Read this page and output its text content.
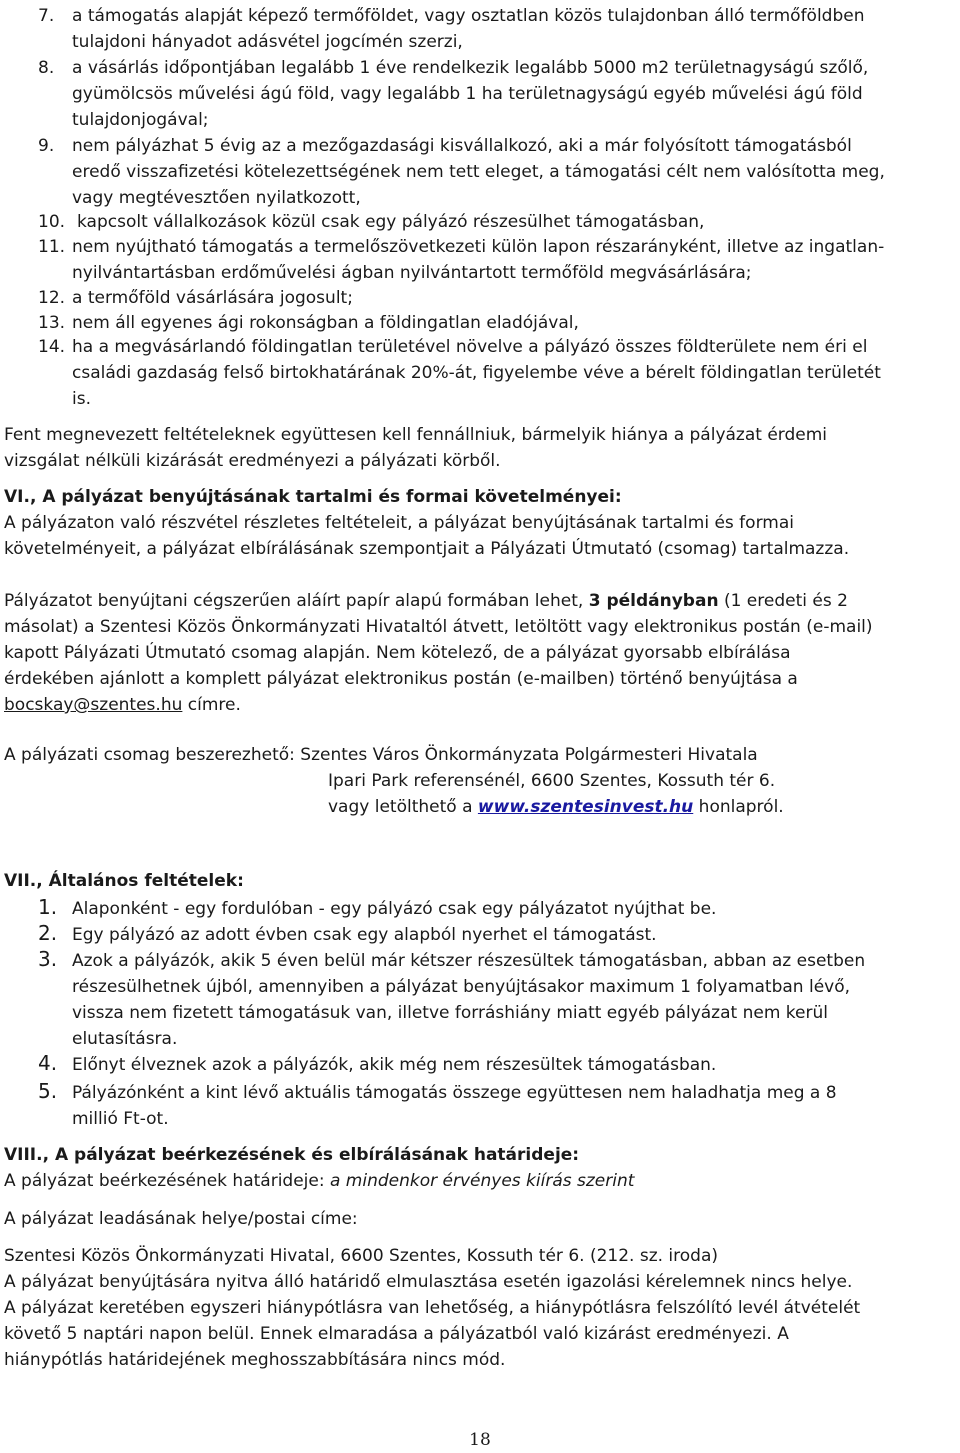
7. a támogatás alapját képező termőföldet, vagy osztatlan közös tulajdonban álló termőföldben
tulajdoni hányadot adásvétel jogcímén szerzi,
8. a vásárlás időpontjában legalább 1 éve rendelkezik legalább 5000 m2 területnagyságú szőlő,
gyümölcsös művelési ágú föld, vagy legalább 1 ha területnagyságú egyéb művelési ágú föld
tulajdonjogával;
9. nem pályázhat 5 évig az a mezőgazdasági kisvállalkozó, aki a már folyósított támogatásból
eredő visszafizetési kötelezettségének nem tett eleget, a támogatási célt nem valósította meg,
vagy megtévesztően nyilatkozott,
10. kapcsolt vállalkozások közül csak egy pályázó részesülhet támogatásban,
11. nem nyújtható támogatás a termelőszövetkezeti külön lapon részarányként, illetve az ingatlan-
nyilvántartásban erdőművelési ágban nyilvántartott termőföld megvásárlására;
12. a termőföld vásárlására jogosult;
13. nem áll egyenes ági rokonságban a földingatlan eladójával,
14. ha a megvásárlandó földingatlan területével növelve a pályázó összes földterülete nem éri el
családi gazdaság felső birtokhatárának 20%-át, figyelembe véve a bérelt földingatlan területét
is.
Fent megnevezett feltételeknek együttesen kell fennállniuk, bármelyik hiánya a pályázat érdemi
vizsgálat nélküli kizárását eredményezi a pályázati körből.
VI., A pályázat benyújtásának tartalmi és formai követelményei:
A pályázaton való részvétel részletes feltételeit, a pályázat benyújtásának tartalmi és formai
követelményeit, a pályázat elbírálásának szempontjait a Pályázati Útmutató (csomag) tartalmazza.
Pályázatot benyújtani cégszerűen aláírt papír alapú formában lehet, 3 példányban (1 eredeti és 2
másolat) a Szentesi Közös Önkormányzati Hivataltól átvett, letöltött vagy elektronikus postán (e-mail)
kapott Pályázati Útmutató csomag alapján. Nem kötelező, de a pályázat gyorsabb elbírálása
érdekében ajánlott a komplett pályázat elektronikus postán (e-mailben) történő benyújtása a
bocskay@szentes.hu címre.
A pályázati csomag beszerezhető: Szentes Város Önkormányzata Polgármesteri Hivatala
Ipari Park referensénél, 6600 Szentes, Kossuth tér 6.
vagy letölthető a www.szentesinvest.hu honlapról.
VII., Általános feltételek:
1. Alaponként - egy fordulóban - egy pályázó csak egy pályázatot nyújthat be.
2. Egy pályázó az adott évben csak egy alapból nyerhet el támogatást.
3. Azok a pályázók, akik 5 éven belül már kétszer részesültek támogatásban, abban az esetben
részesülhetnek újból, amennyiben a pályázat benyújtásakor maximum 1 folyamatban lévő,
vissza nem fizetett támogatásuk van, illetve forráshiány miatt egyéb pályázat nem kerül
elutasításra.
4. Előnyt élveznek azok a pályázók, akik még nem részesültek támogatásban.
5. Pályázónként a kint lévő aktuális támogatás összege együttesen nem haladhatja meg a 8
millió Ft-ot.
VIII., A pályázat beérkezésének és elbírálásának határideje:
A pályázat beérkezésének határideje: a mindenkor érvényes kiírás szerint
A pályázat leadásának helye/postai címe:
Szentesi Közös Önkormányzati Hivatal, 6600 Szentes, Kossuth tér 6. (212. sz. iroda)
A pályázat benyújtására nyitva álló határidő elmulasztása esetén igazolási kérelemnek nincs helye.
A pályázat keretében egyszeri hiánypótlásra van lehetőség, a hiánypótlásra felszólító levél átvételét
követő 5 naptári napon belül. Ennek elmaradása a pályázatból való kizárást eredményezi. A
hiánypótlás határidejének meghosszabbítására nincs mód.
18
